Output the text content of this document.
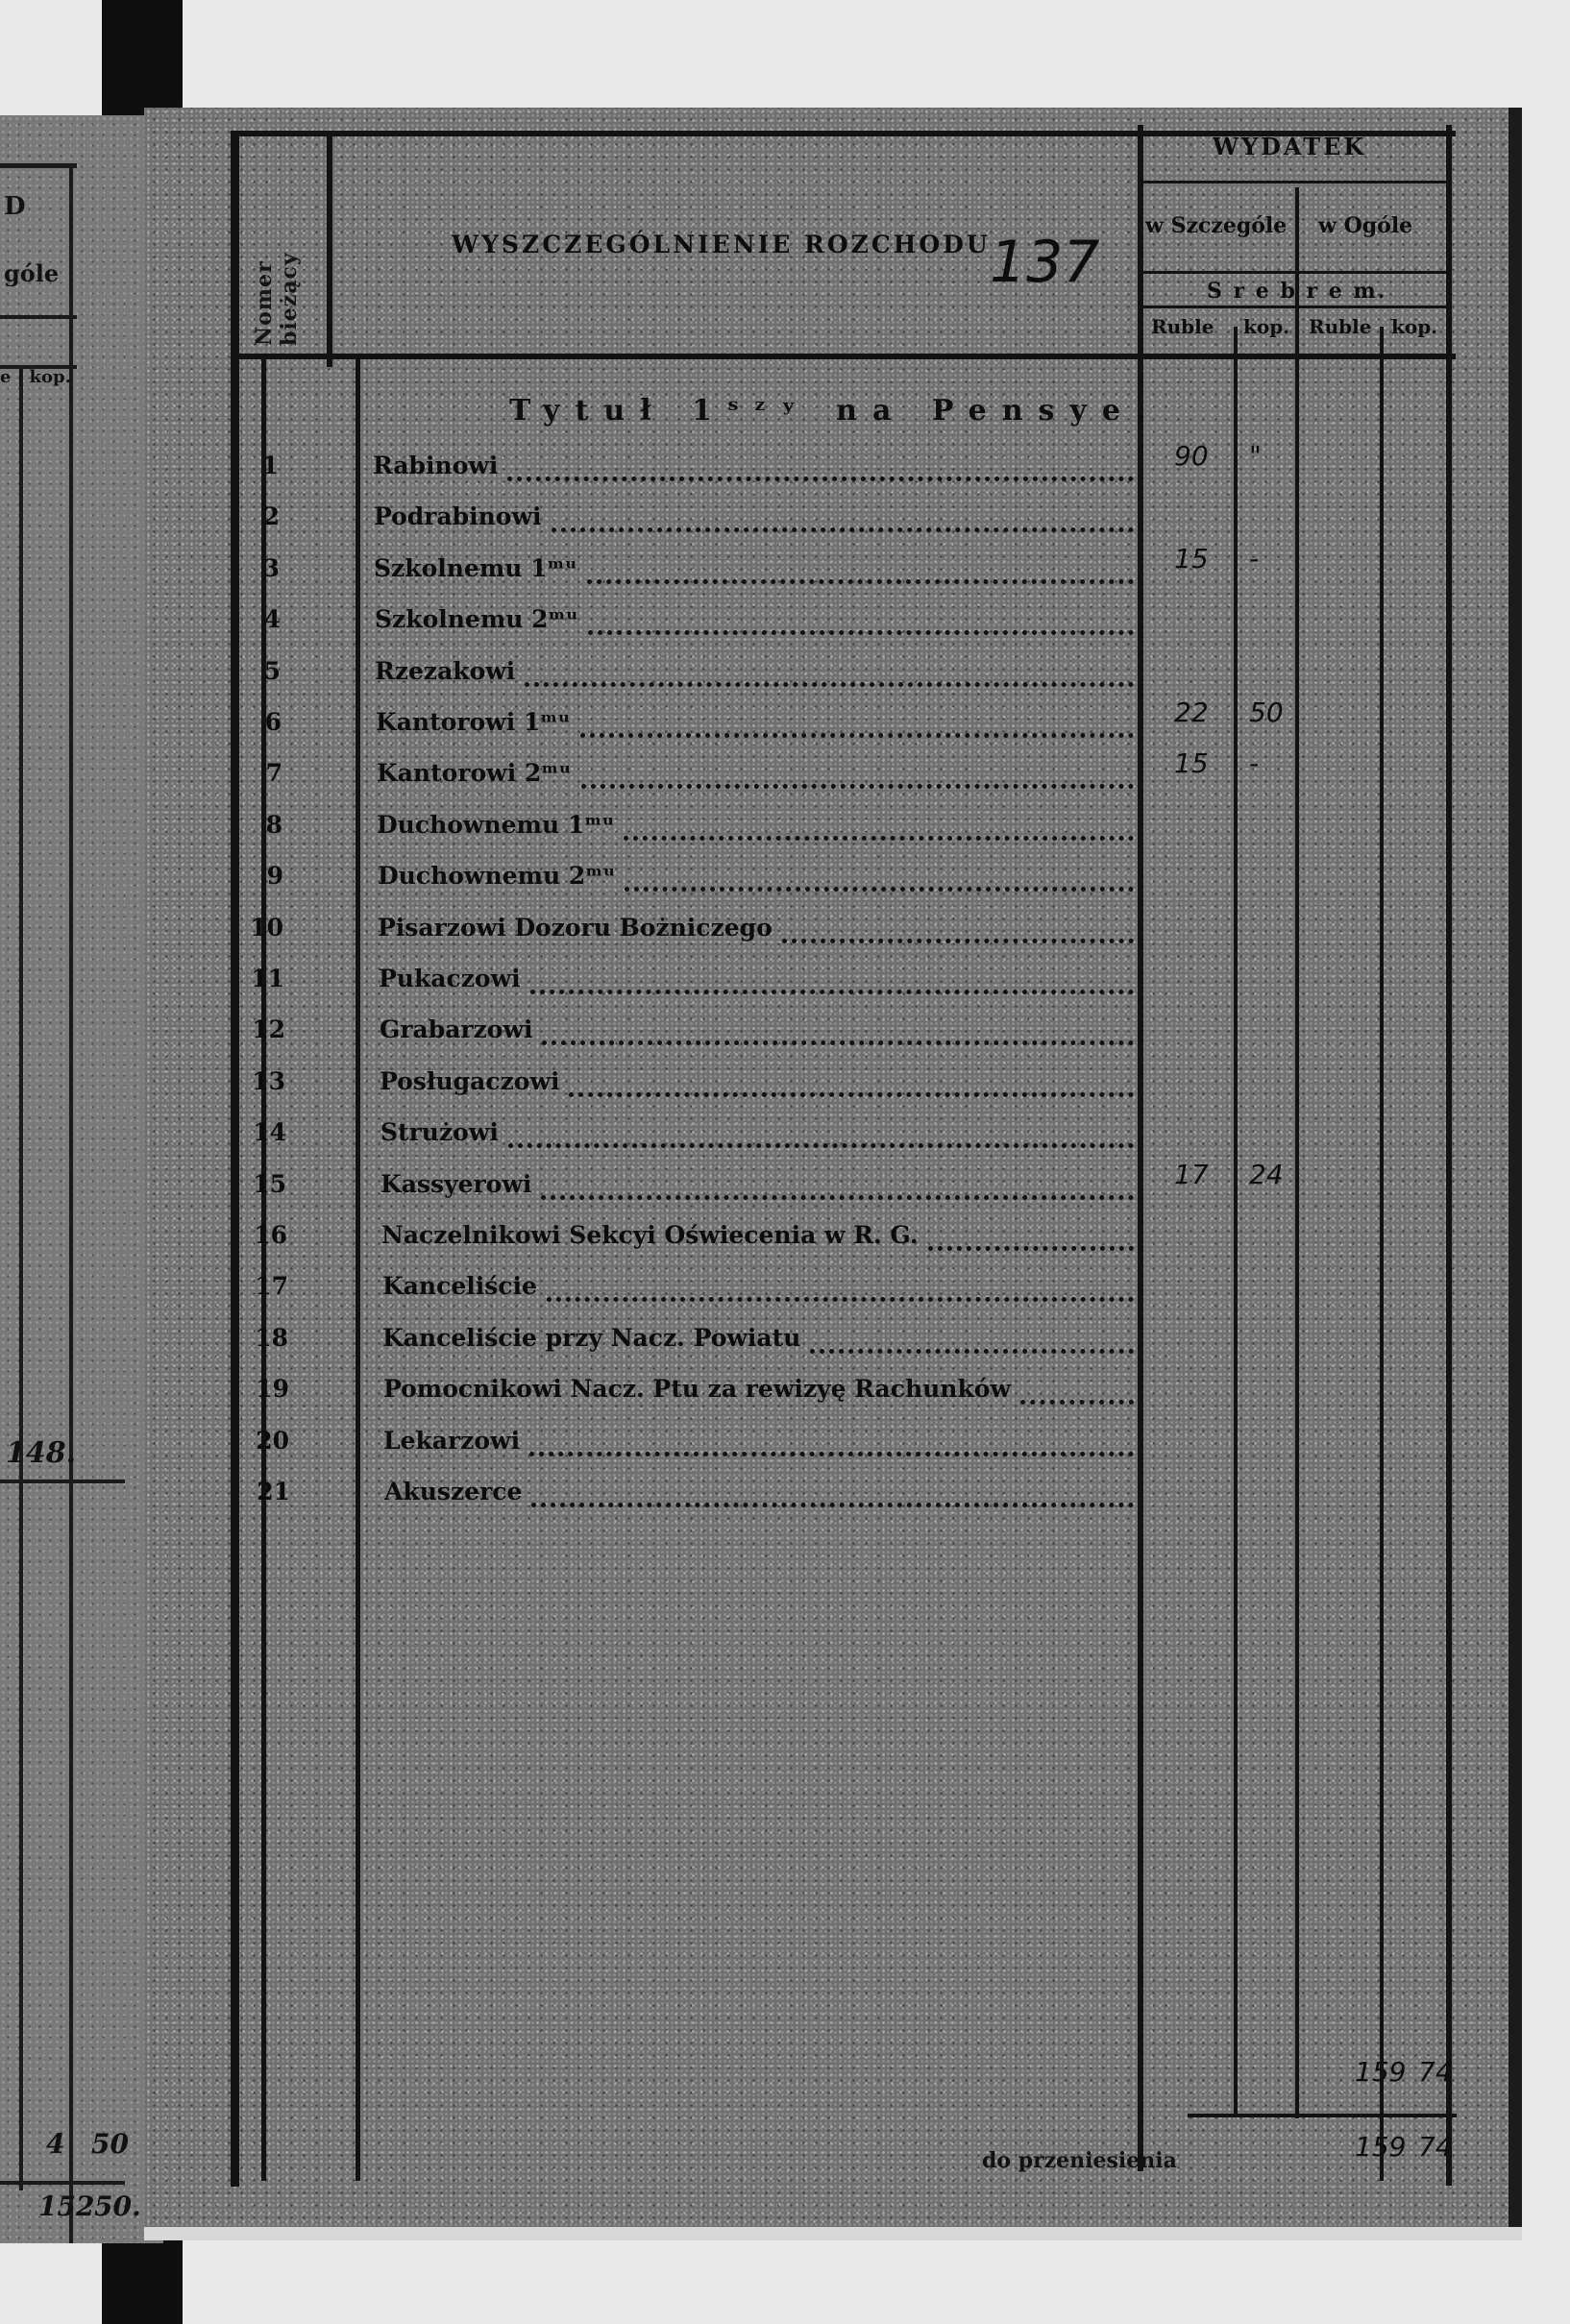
D
góle
e | kop.
148.
4 50
152 50.
Nomer bieżący
WYSZCZEGÓLNIENIE ROZCHODU 137
WYDATEK
w Szczególe w Ogóle
S r e b r e m.
Ruble kop. Ruble kop.
Tytuł 1ˢᶻʸ na Pensye.
1	Rabinowi	90 "
2	Podrabinowi
3	Szkolnemu 1ᵐᵘ	15 -
4	Szkolnemu 2ᵐᵘ
5	Rzezakowi
6	Kantorowi 1ᵐᵘ	22 50
7	Kantorowi 2ᵐᵘ	15 -
8	Duchownemu 1ᵐᵘ
9	Duchownemu 2ᵐᵘ
10	Pisarzowi Dozoru Bożniczego
11	Pukaczowi
12	Grabarzowi
13	Posługaczowi
14	Strużowi
15	Kassyerowi	17 24
16	Naczelnikowi Sekcyi Oświecenia w R. G.
17	Kanceliście
18	Kanceliście przy Nacz. Powiatu
19	Pomocnikowi Nacz. Ptu za rewizyę Rachunków
20	Lekarzowi
21	Akuszerce
159 74
do przeniesienia	159 74
